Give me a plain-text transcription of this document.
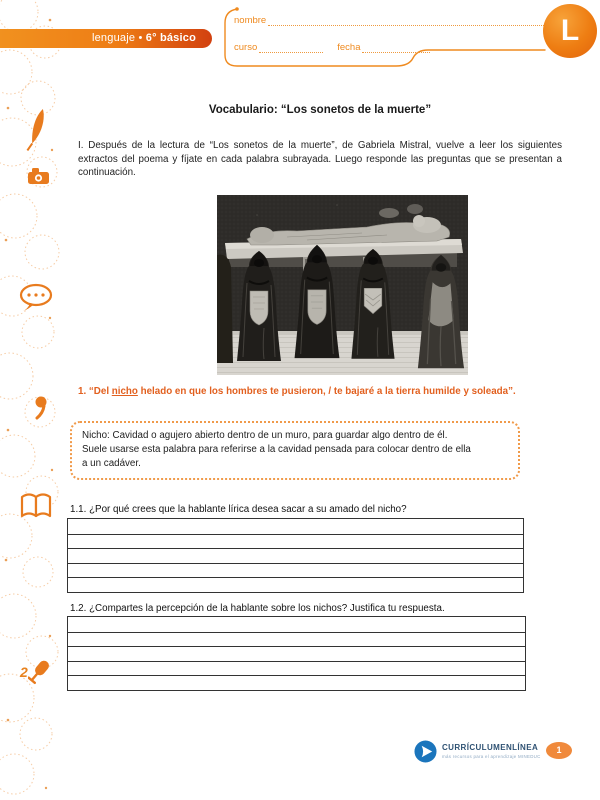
2
lenguaje • 6° básico
nombre
curso	fecha
L
Vocabulario: “Los sonetos de la muerte”

I. Después de la lectura de “Los sonetos de la muerte”, de Gabriela Mistral, vuelve a leer los siguientes extractos del poema y fíjate en cada palabra subrayada. Luego responde las preguntas que se presentan a continuación.

1. “Del nicho helado en que los hombres te pusieron, / te bajaré a la tierra humilde y soleada”.

Nicho: Cavidad o agujero abierto dentro de un muro, para guardar algo dentro de él.
Suele usarse esta palabra para referirse a la cavidad pensada para colocar dentro de ella
a un cadáver.
1.1. ¿Por qué crees que la hablante lírica desea sacar a su amado del nicho?
1.2. ¿Compartes la percepción de la hablante sobre los nichos? Justifica tu respuesta.
CURRÍCULUMENLÍNEA
más recursos para el aprendizaje MINEDUC
1
